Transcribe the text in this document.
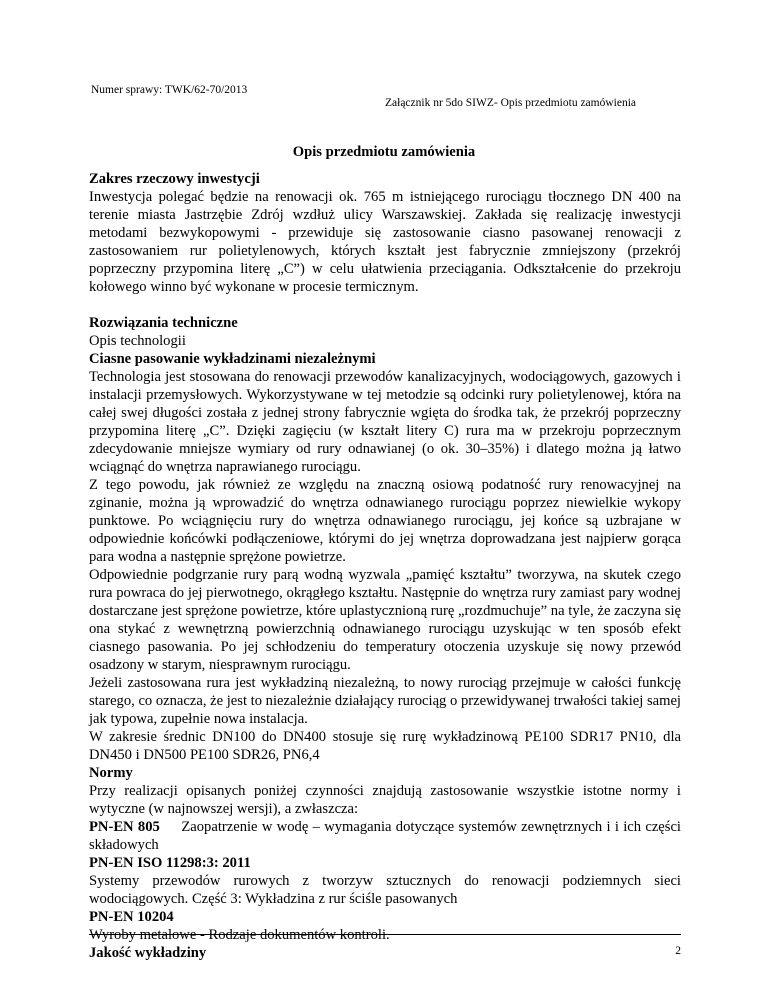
Numer sprawy: TWK/62-70/2013
Załącznik nr 5do SIWZ- Opis przedmiotu zamówienia
Opis przedmiotu zamówienia

Zakres rzeczowy inwestycji

Inwestycja polegać będzie na renowacji ok. 765 m istniejącego rurociągu tłocznego DN 400 na terenie miasta Jastrzębie Zdrój wzdłuż ulicy Warszawskiej. Zakłada się realizację inwestycji metodami bezwykopowymi - przewiduje się zastosowanie ciasno pasowanej renowacji z zastosowaniem rur polietylenowych, których kształt jest fabrycznie zmniejszony (przekrój poprzeczny przypomina literę „C”) w celu ułatwienia przeciągania. Odkształcenie do przekroju kołowego winno być wykonane w procesie termicznym.

Rozwiązania techniczne

Opis technologii

Ciasne pasowanie wykładzinami niezależnymi

Technologia jest stosowana do renowacji przewodów kanalizacyjnych, wodociągowych, gazowych i instalacji przemysłowych. Wykorzystywane w tej metodzie są odcinki rury polietylenowej, która na całej swej długości została z jednej strony fabrycznie wgięta do środka tak, że przekrój poprzeczny przypomina literę „C”. Dzięki zagięciu (w kształt litery C) rura ma w przekroju poprzecznym zdecydowanie mniejsze wymiary od rury odnawianej (o ok. 30–35%) i dlatego można ją łatwo wciągnąć do wnętrza naprawianego rurociągu.

Z tego powodu, jak również ze względu na znaczną osiową podatność rury renowacyjnej na zginanie, można ją wprowadzić do wnętrza odnawianego rurociągu poprzez niewielkie wykopy punktowe. Po wciągnięciu rury do wnętrza odnawianego rurociągu, jej końce są uzbrajane w odpowiednie końcówki podłączeniowe, którymi do jej wnętrza doprowadzana jest najpierw gorąca para wodna a następnie sprężone powietrze.

Odpowiednie podgrzanie rury parą wodną wyzwala „pamięć kształtu” tworzywa, na skutek czego rura powraca do jej pierwotnego, okrągłego kształtu. Następnie do wnętrza rury zamiast pary wodnej dostarczane jest sprężone powietrze, które uplastycznioną rurę „rozdmuchuje” na tyle, że zaczyna się ona stykać z wewnętrzną powierzchnią odnawianego rurociągu uzyskując w ten sposób efekt ciasnego pasowania. Po jej schłodzeniu do temperatury otoczenia uzyskuje się nowy przewód osadzony w starym, niesprawnym rurociągu.

Jeżeli zastosowana rura jest wykładziną niezależną, to nowy rurociąg przejmuje w całości funkcję starego, co oznacza, że jest to niezależnie działający rurociąg o przewidywanej trwałości takiej samej jak typowa, zupełnie nowa instalacja.

W zakresie średnic DN100 do DN400 stosuje się rurę wykładzinową PE100 SDR17 PN10, dla DN450 i DN500 PE100 SDR26, PN6,4

Normy

Przy realizacji opisanych poniżej czynności znajdują zastosowanie wszystkie istotne normy i wytyczne (w najnowszej wersji), a zwłaszcza:

PN-EN 805 Zaopatrzenie w wodę – wymagania dotyczące systemów zewnętrznych i i ich części składowych

PN-EN ISO 11298:3: 2011

Systemy przewodów rurowych z tworzyw sztucznych do renowacji podziemnych sieci wodociągowych. Część 3: Wykładzina z rur ściśle pasowanych

PN-EN 10204

Wyroby metalowe - Rodzaje dokumentów kontroli.

Jakość wykładziny	2
